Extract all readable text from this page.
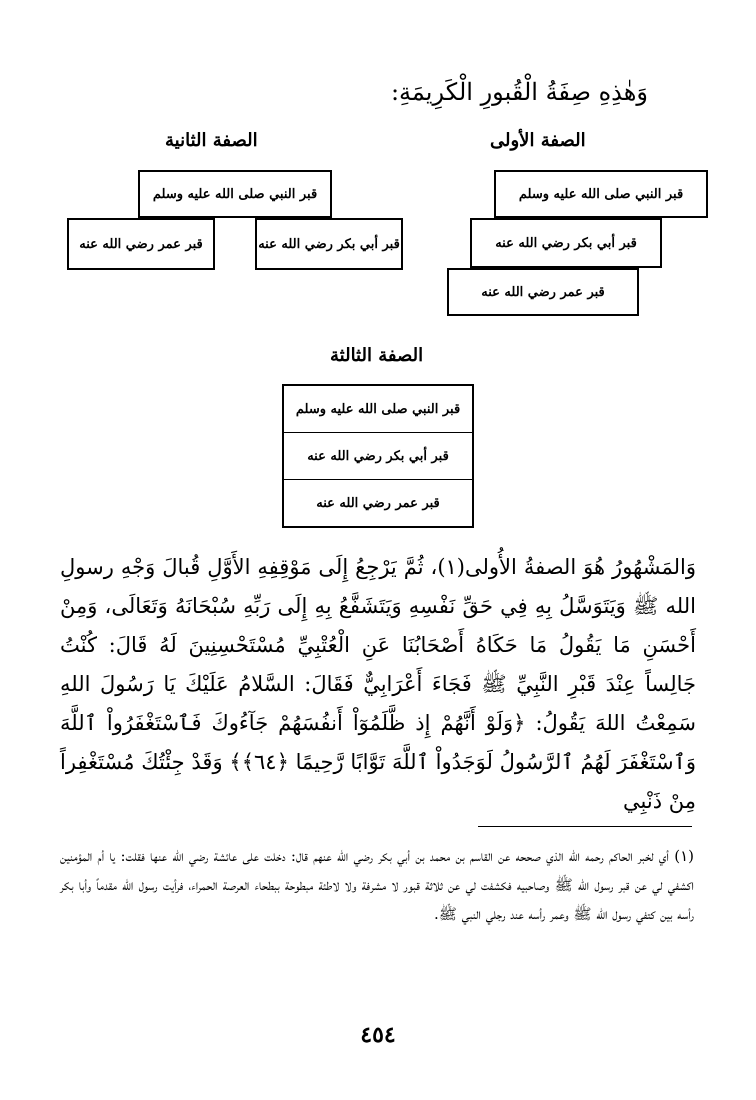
وَهٰذِهِ صِفَةُ الْقُبورِ الْكَرِيمَةِ:
الصفة الأولى
قبر النبي صلى الله عليه وسلم
قبر أبي بكر رضي الله عنه
قبر عمر رضي الله عنه
الصفة الثانية
قبر النبي صلى الله عليه وسلم
قبر أبي بكر رضي الله عنه
قبر عمر رضي الله عنه
الصفة الثالثة
قبر النبي صلى الله عليه وسلم
قبر أبي بكر رضي الله عنه
قبر عمر رضي الله عنه

وَالمَشْهُورُ هُوَ الصفةُ الأُولى(١)، ثُمَّ يَرْجِعُ إِلَى مَوْقِفِهِ الأَوَّلِ قُبالَ وَجْهِ رسولِ الله ﷺ وَيَتَوَسَّلُ بِهِ فِي حَقِّ نَفْسِهِ وَيَتَشَفَّعُ بِهِ إِلَى رَبِّهِ سُبْحَانَهُ وَتَعَالَى، وَمِنْ أَحْسَنِ مَا يَقُولُ مَا حَكَاهُ أَصْحَابُنَا عَنِ الْعُتْبِيِّ مُسْتَحْسِنِينَ لَهُ قَالَ: كُنْتُ جَالِساً عِنْدَ قَبْرِ النَّبِيِّ ﷺ فَجَاءَ أَعْرَابِيٌّ فَقَالَ: السَّلامُ عَلَيْكَ يَا رَسُولَ اللهِ سَمِعْتُ اللهَ يَقُولُ: ﴿وَلَوْ أَنَّهُمْ إِذ ظَّلَمُوٓاْ أَنفُسَهُمْ جَآءُوكَ فَٱسْتَغْفَرُواْ ٱللَّهَ وَٱسْتَغْفَرَ لَهُمُ ٱلرَّسُولُ لَوَجَدُواْ ٱللَّهَ تَوَّابًا رَّحِيمًا ﴿٦٤﴾﴾ وَقَدْ جِئْتُكَ مُسْتَغْفِراً مِنْ ذَنْبِي

(١) أي لخبر الحاكم رحمه الله الذي صححه عن القاسم بن محمد بن أبي بكر رضي الله عنهم قال: دخلت على عائشة رضي الله عنها فقلت: يا أم المؤمنين اكشفي لي عن قبر رسول الله ﷺ وصاحبيه فكشفت لي عن ثلاثة قبور لا مشرفة ولا لاطئة مبطوحة ببطحاء العرصة الحمراء، فرأيت رسول الله مقدماً وأبا بكر رأسه بين كتفي رسول الله ﷺ وعمر رأسه عند رجلي النبي ﷺ.
٤٥٤
